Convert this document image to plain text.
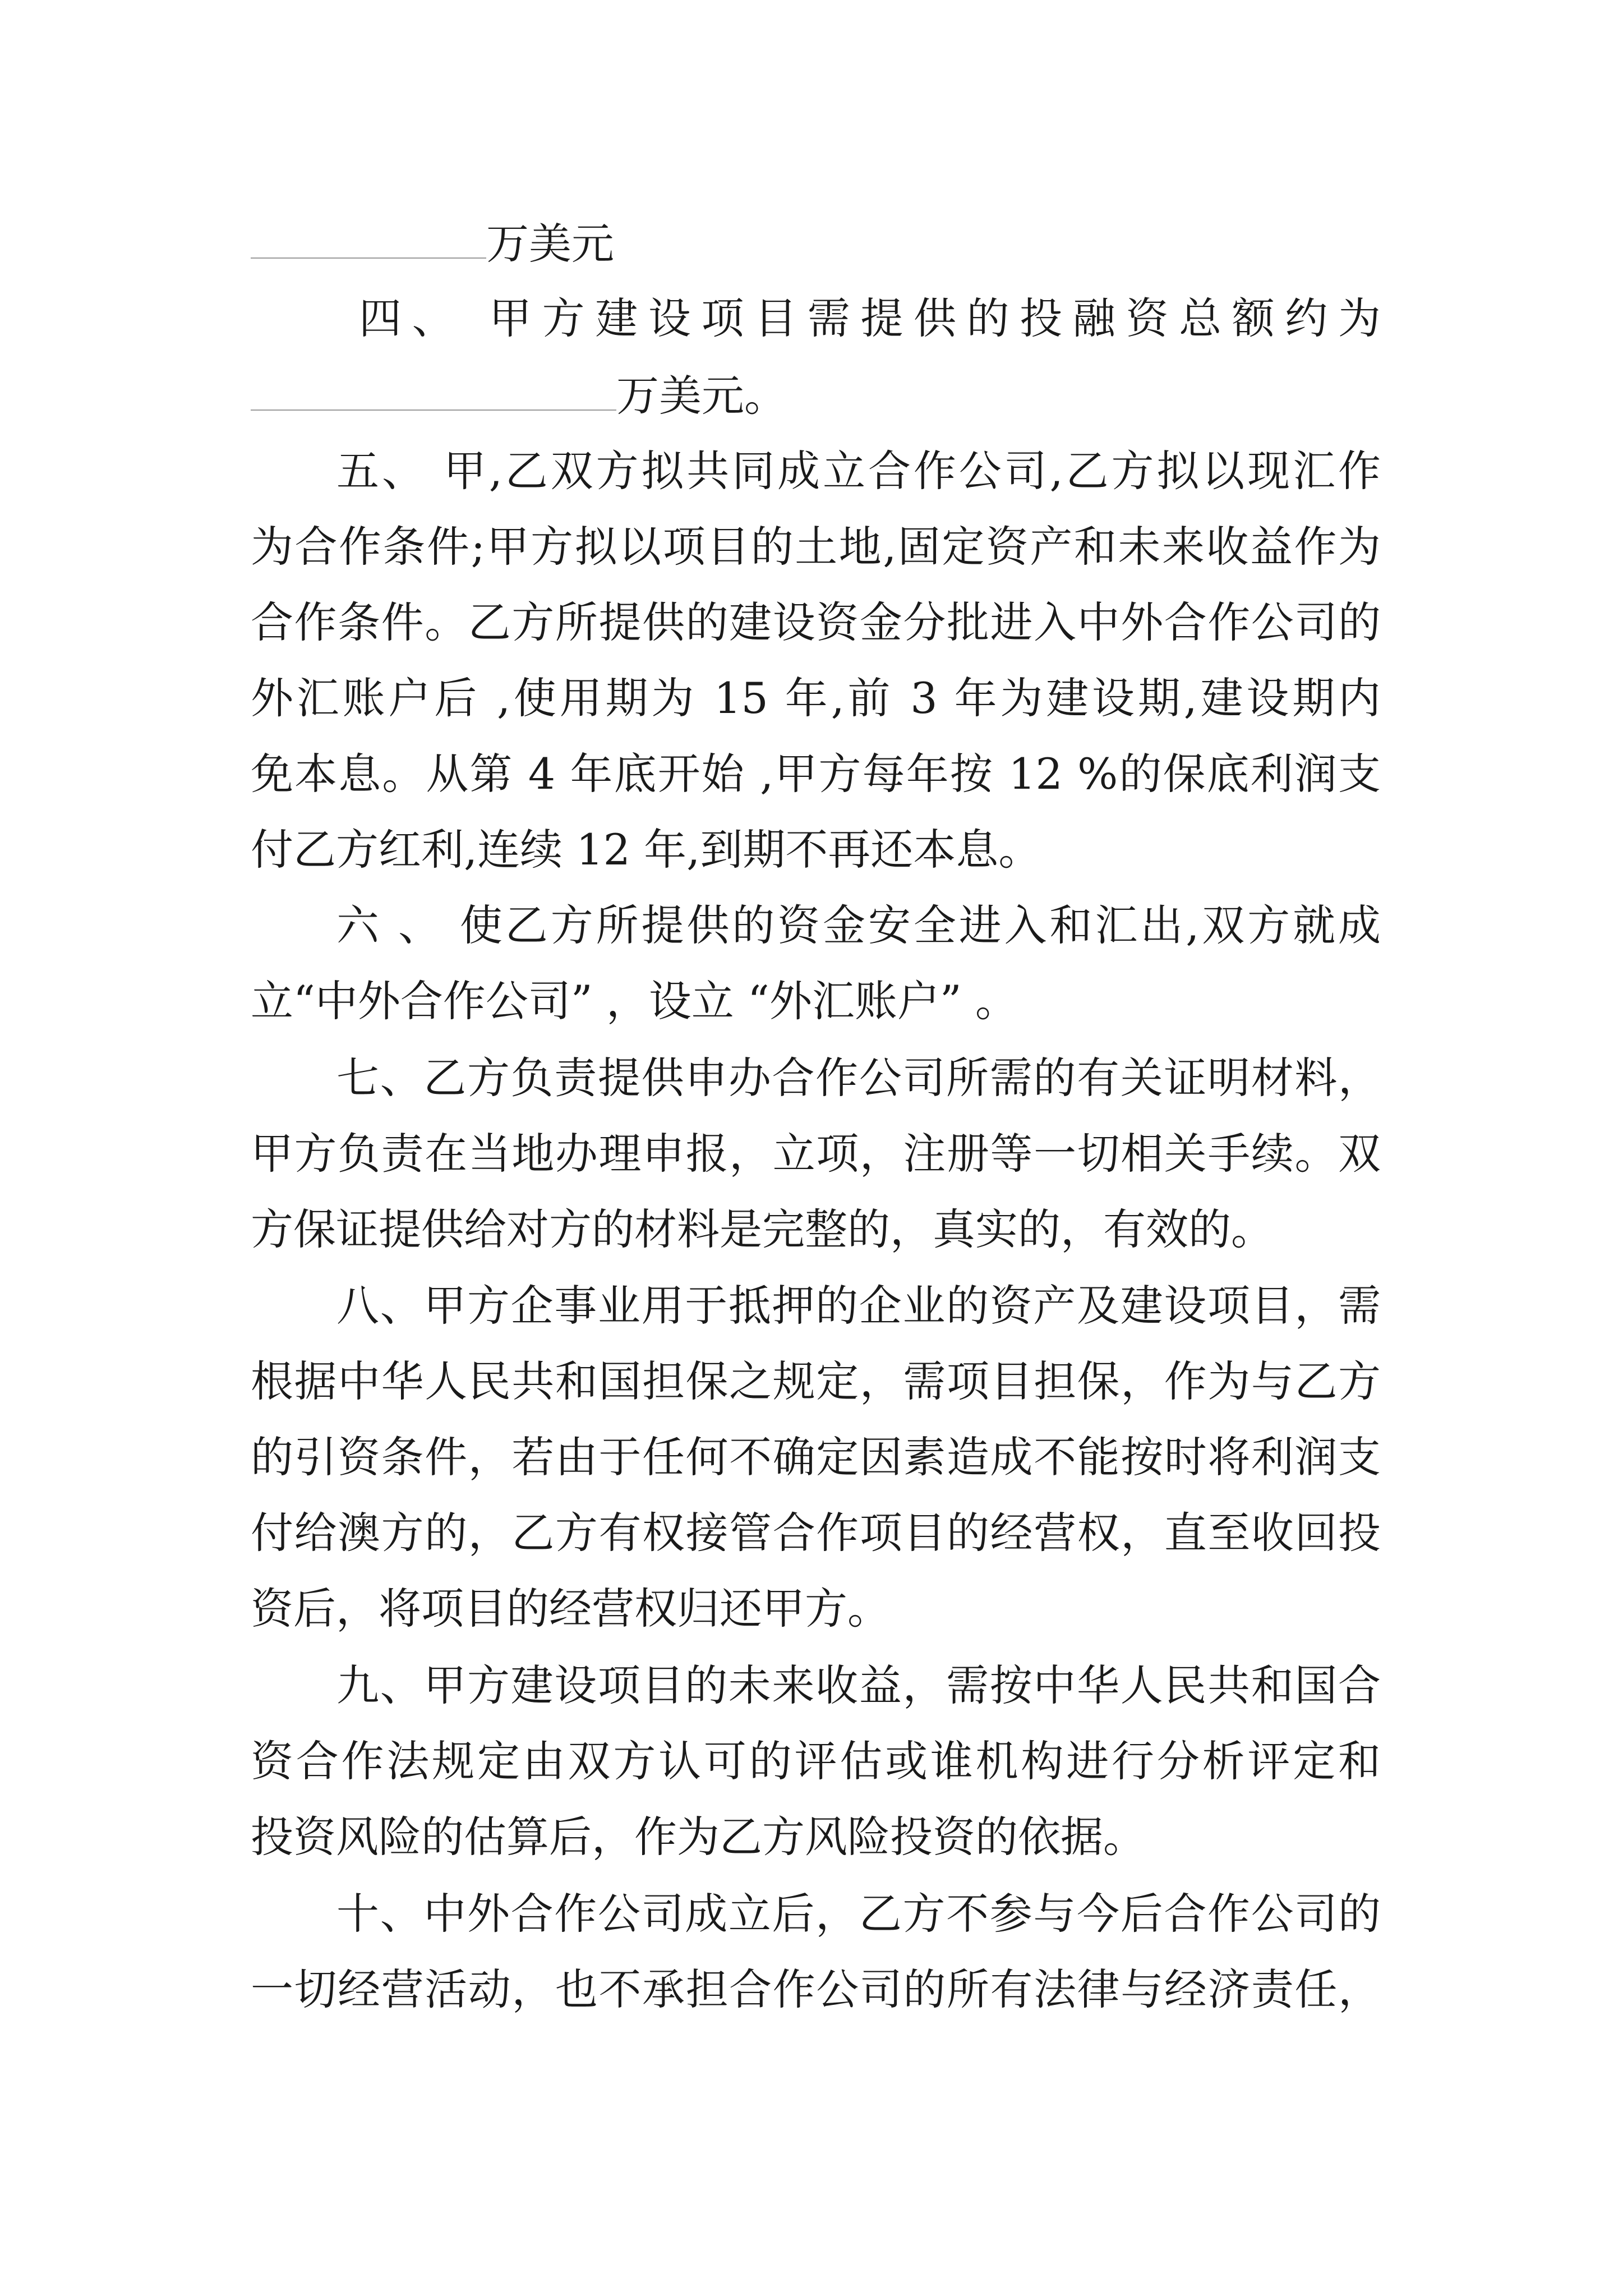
万美元
四、 甲方建设项目需提供的投融资总额约为
万美元。
五、 甲,乙双方拟共同成立合作公司,乙方拟以现汇作
为合作条件;甲方拟以项目的土地,固定资产和未来收益作为
合作条件。乙方所提供的建设资金分批进入中外合作公司的
外汇账户后 ,使用期为 15 年,前 3 年为建设期,建设期内
免本息。从第 4 年底开始 ,甲方每年按 12 %的保底利润支
付乙方红利,连续 12 年,到期不再还本息。
六 、 使乙方所提供的资金安全进入和汇出,双方就成
立“中外合作公司” ，设立 “外汇账户” 。
七、乙方负责提供申办合作公司所需的有关证明材料，
甲方负责在当地办理申报，立项，注册等一切相关手续。双
方保证提供给对方的材料是完整的，真实的，有效的。
八、甲方企事业用于抵押的企业的资产及建设项目，需
根据中华人民共和国担保之规定，需项目担保，作为与乙方
的引资条件，若由于任何不确定因素造成不能按时将利润支
付给澳方的，乙方有权接管合作项目的经营权，直至收回投
资后，将项目的经营权归还甲方。
九、甲方建设项目的未来收益，需按中华人民共和国合
资合作法规定由双方认可的评估或谁机构进行分析评定和
投资风险的估算后，作为乙方风险投资的依据。
十、中外合作公司成立后，乙方不参与今后合作公司的
一切经营活动，也不承担合作公司的所有法律与经济责任，
